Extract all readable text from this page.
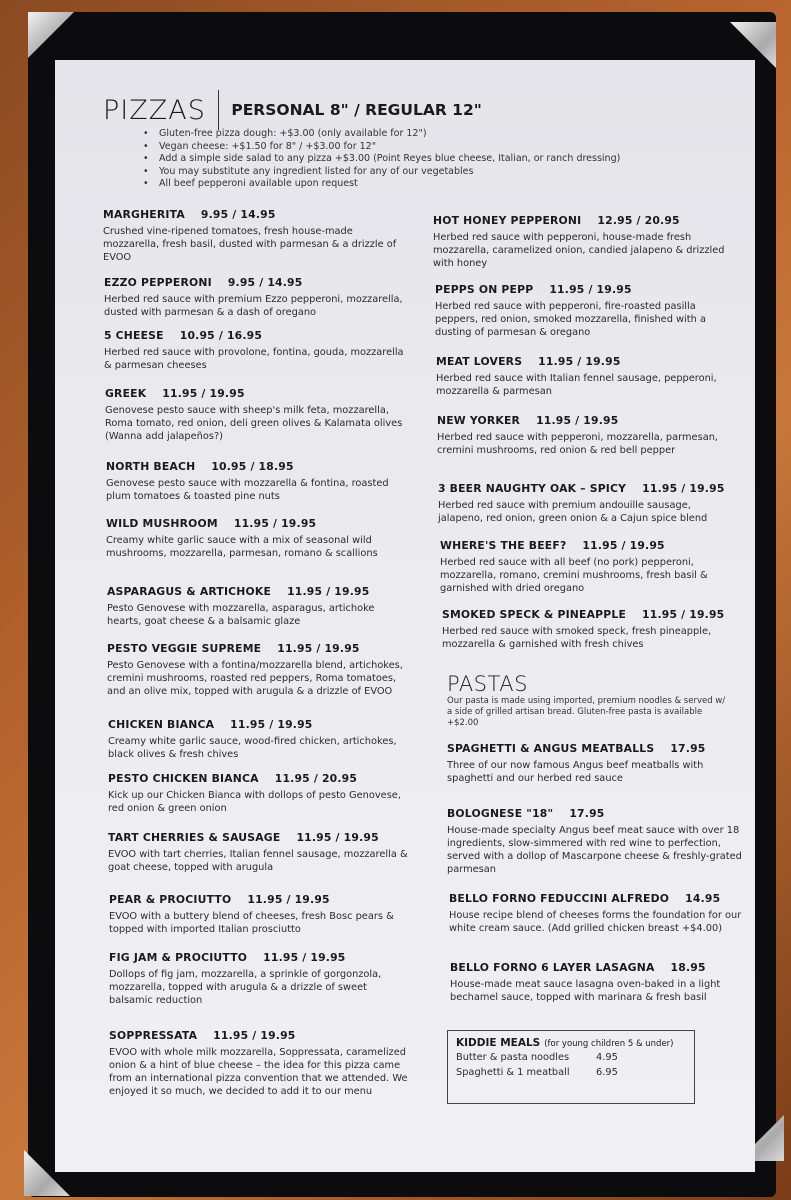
PIZZAS PERSONAL 8" / REGULAR 12"
• Gluten-free pizza dough: +$3.00 (only available for 12")
• Vegan cheese: +$1.50 for 8" / +$3.00 for 12"
• Add a simple side salad to any pizza +$3.00 (Point Reyes blue cheese, Italian, or ranch dressing)
• You may substitute any ingredient listed for any of our vegetables
• All beef pepperoni available upon request
MARGHERITA 9.95 / 14.95
Crushed vine-ripened tomatoes, fresh house-made mozzarella, fresh basil, dusted with parmesan & a drizzle of EVOO
EZZO PEPPERONI 9.95 / 14.95
Herbed red sauce with premium Ezzo pepperoni, mozzarella, dusted with parmesan & a dash of oregano
5 CHEESE 10.95 / 16.95
Herbed red sauce with provolone, fontina, gouda, mozzarella & parmesan cheeses
GREEK 11.95 / 19.95
Genovese pesto sauce with sheep's milk feta, mozzarella, Roma tomato, red onion, deli green olives & Kalamata olives (Wanna add jalapeños?)
NORTH BEACH 10.95 / 18.95
Genovese pesto sauce with mozzarella & fontina, roasted plum tomatoes & toasted pine nuts
WILD MUSHROOM 11.95 / 19.95
Creamy white garlic sauce with a mix of seasonal wild mushrooms, mozzarella, parmesan, romano & scallions
ASPARAGUS & ARTICHOKE 11.95 / 19.95
Pesto Genovese with mozzarella, asparagus, artichoke hearts, goat cheese & a balsamic glaze
PESTO VEGGIE SUPREME 11.95 / 19.95
Pesto Genovese with a fontina/mozzarella blend, artichokes, cremini mushrooms, roasted red peppers, Roma tomatoes, and an olive mix, topped with arugula & a drizzle of EVOO
CHICKEN BIANCA 11.95 / 19.95
Creamy white garlic sauce, wood-fired chicken, artichokes, black olives & fresh chives
PESTO CHICKEN BIANCA 11.95 / 20.95
Kick up our Chicken Bianca with dollops of pesto Genovese, red onion & green onion
TART CHERRIES & SAUSAGE 11.95 / 19.95
EVOO with tart cherries, Italian fennel sausage, mozzarella & goat cheese, topped with arugula
PEAR & PROCIUTTO 11.95 / 19.95
EVOO with a buttery blend of cheeses, fresh Bosc pears & topped with imported Italian prosciutto
FIG JAM & PROCIUTTO 11.95 / 19.95
Dollops of fig jam, mozzarella, a sprinkle of gorgonzola, mozzarella, topped with arugula & a drizzle of sweet balsamic reduction
SOPPRESSATA 11.95 / 19.95
EVOO with whole milk mozzarella, Soppressata, caramelized onion & a hint of blue cheese – the idea for this pizza came from an international pizza convention that we attended. We enjoyed it so much, we decided to add it to our menu
HOT HONEY PEPPERONI 12.95 / 20.95
Herbed red sauce with pepperoni, house-made fresh mozzarella, caramelized onion, candied jalapeno & drizzled with honey
PEPPS ON PEPP 11.95 / 19.95
Herbed red sauce with pepperoni, fire-roasted pasilla peppers, red onion, smoked mozzarella, finished with a dusting of parmesan & oregano
MEAT LOVERS 11.95 / 19.95
Herbed red sauce with Italian fennel sausage, pepperoni, mozzarella & parmesan
NEW YORKER 11.95 / 19.95
Herbed red sauce with pepperoni, mozzarella, parmesan, cremini mushrooms, red onion & red bell pepper
3 BEER NAUGHTY OAK – SPICY 11.95 / 19.95
Herbed red sauce with premium andouille sausage, jalapeno, red onion, green onion & a Cajun spice blend
WHERE'S THE BEEF? 11.95 / 19.95
Herbed red sauce with all beef (no pork) pepperoni, mozzarella, romano, cremini mushrooms, fresh basil & garnished with dried oregano
SMOKED SPECK & PINEAPPLE 11.95 / 19.95
Herbed red sauce with smoked speck, fresh pineapple, mozzarella & garnished with fresh chives
PASTAS
Our pasta is made using imported, premium noodles & served w/ a side of grilled artisan bread. Gluten-free pasta is available +$2.00
SPAGHETTI & ANGUS MEATBALLS 17.95
Three of our now famous Angus beef meatballs with spaghetti and our herbed red sauce
BOLOGNESE "18" 17.95
House-made specialty Angus beef meat sauce with over 18 ingredients, slow-simmered with red wine to perfection, served with a dollop of Mascarpone cheese & freshly-grated parmesan
BELLO FORNO FEDUCCINI ALFREDO 14.95
House recipe blend of cheeses forms the foundation for our white cream sauce. (Add grilled chicken breast +$4.00)
BELLO FORNO 6 LAYER LASAGNA 18.95
House-made meat sauce lasagna oven-baked in a light bechamel sauce, topped with marinara & fresh basil
KIDDIE MEALS (for young children 5 & under)
Butter & pasta noodles	4.95
Spaghetti & 1 meatball	6.95
